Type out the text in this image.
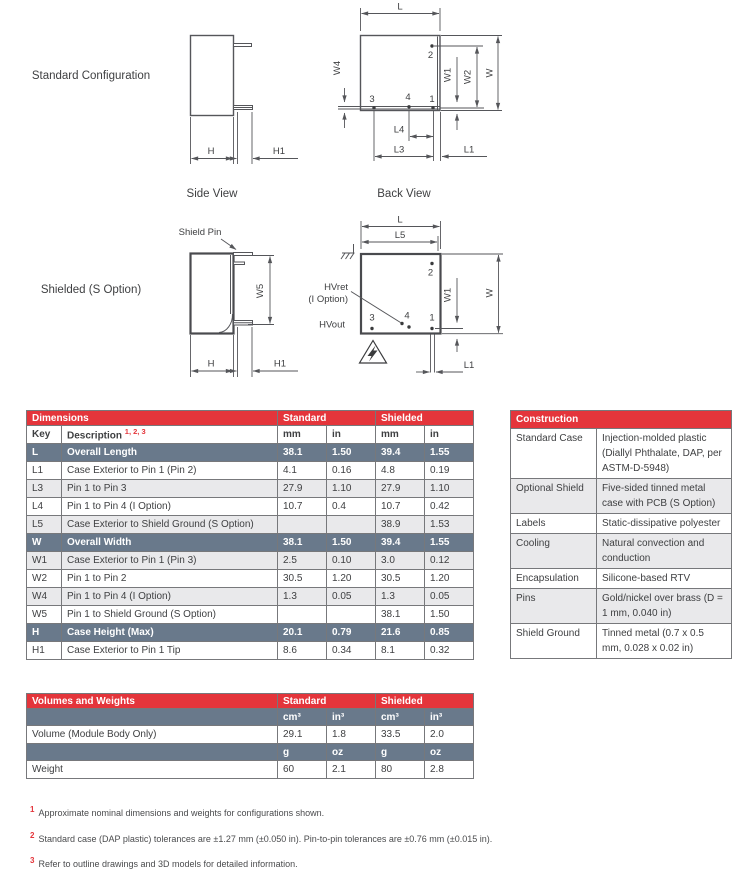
Standard Configuration
Shielded (S Option)
H	H1
Side View
2
3	4 1
L
W
W2
W1
W4
L4
L3	L1
Back View
Shield Pin
W5
H	H1
L
L5
2
3	4 1
HVret
(I Option)
HVout
W1	W
L1
Dimensions		Standard		Shielded	
Key	Description $^{1, 2, 3}$	mm	in	mm	in
L	Overall Length	38.1	1.50	39.4	1.55
L1	Case Exterior to Pin 1 (Pin 2)	4.1	0.16	4.8	0.19
L3	Pin 1 to Pin 3	27.9	1.10	27.9	1.10
L4	Pin 1 to Pin 4 (I Option)	10.7	0.4	10.7	0.42
L5	Case Exterior to Shield Ground (S Option)			38.9	1.53
W	Overall Width	38.1	1.50	39.4	1.55
W1	Case Exterior to Pin 1 (Pin 3)	2.5	0.10	3.0	0.12
W2	Pin 1 to Pin 2	30.5	1.20	30.5	1.20
W4	Pin 1 to Pin 4 (I Option)	1.3	0.05	1.3	0.05
W5	Pin 1 to Shield Ground (S Option)			38.1	1.50
H	Case Height (Max)	20.1	0.79	21.6	0.85
H1	Case Exterior to Pin 1 Tip	8.6	0.34	8.1	0.32
Construction	
Standard Case	Injection-molded plastic (Diallyl Phthalate, DAP, per ASTM-D-5948)
Optional Shield	Five-sided tinned metal case with PCB (S Option)
Labels	Static-dissipative polyester
Cooling	Natural convection and conduction
Encapsulation	Silicone-based RTV
Pins	Gold/nickel over brass (D = 1 mm, 0.040 in)
Shield Ground	Tinned metal (0.7 x 0.5 mm, 0.028 x 0.02 in)
Volumes and Weights	Standard		Shielded	
	cm³	in³	cm³	in³
Volume (Module Body Only)	29.1	1.8	33.5	2.0
	g	oz	g	oz
Weight	60	2.1	80	2.8
$^1$ Approximate nominal dimensions and weights for configurations shown.
$^2$ Standard case (DAP plastic) tolerances are ±1.27 mm (±0.050 in). Pin-to-pin tolerances are ±0.76 mm (±0.015 in).
$^3$ Refer to outline drawings and 3D models for detailed information.
